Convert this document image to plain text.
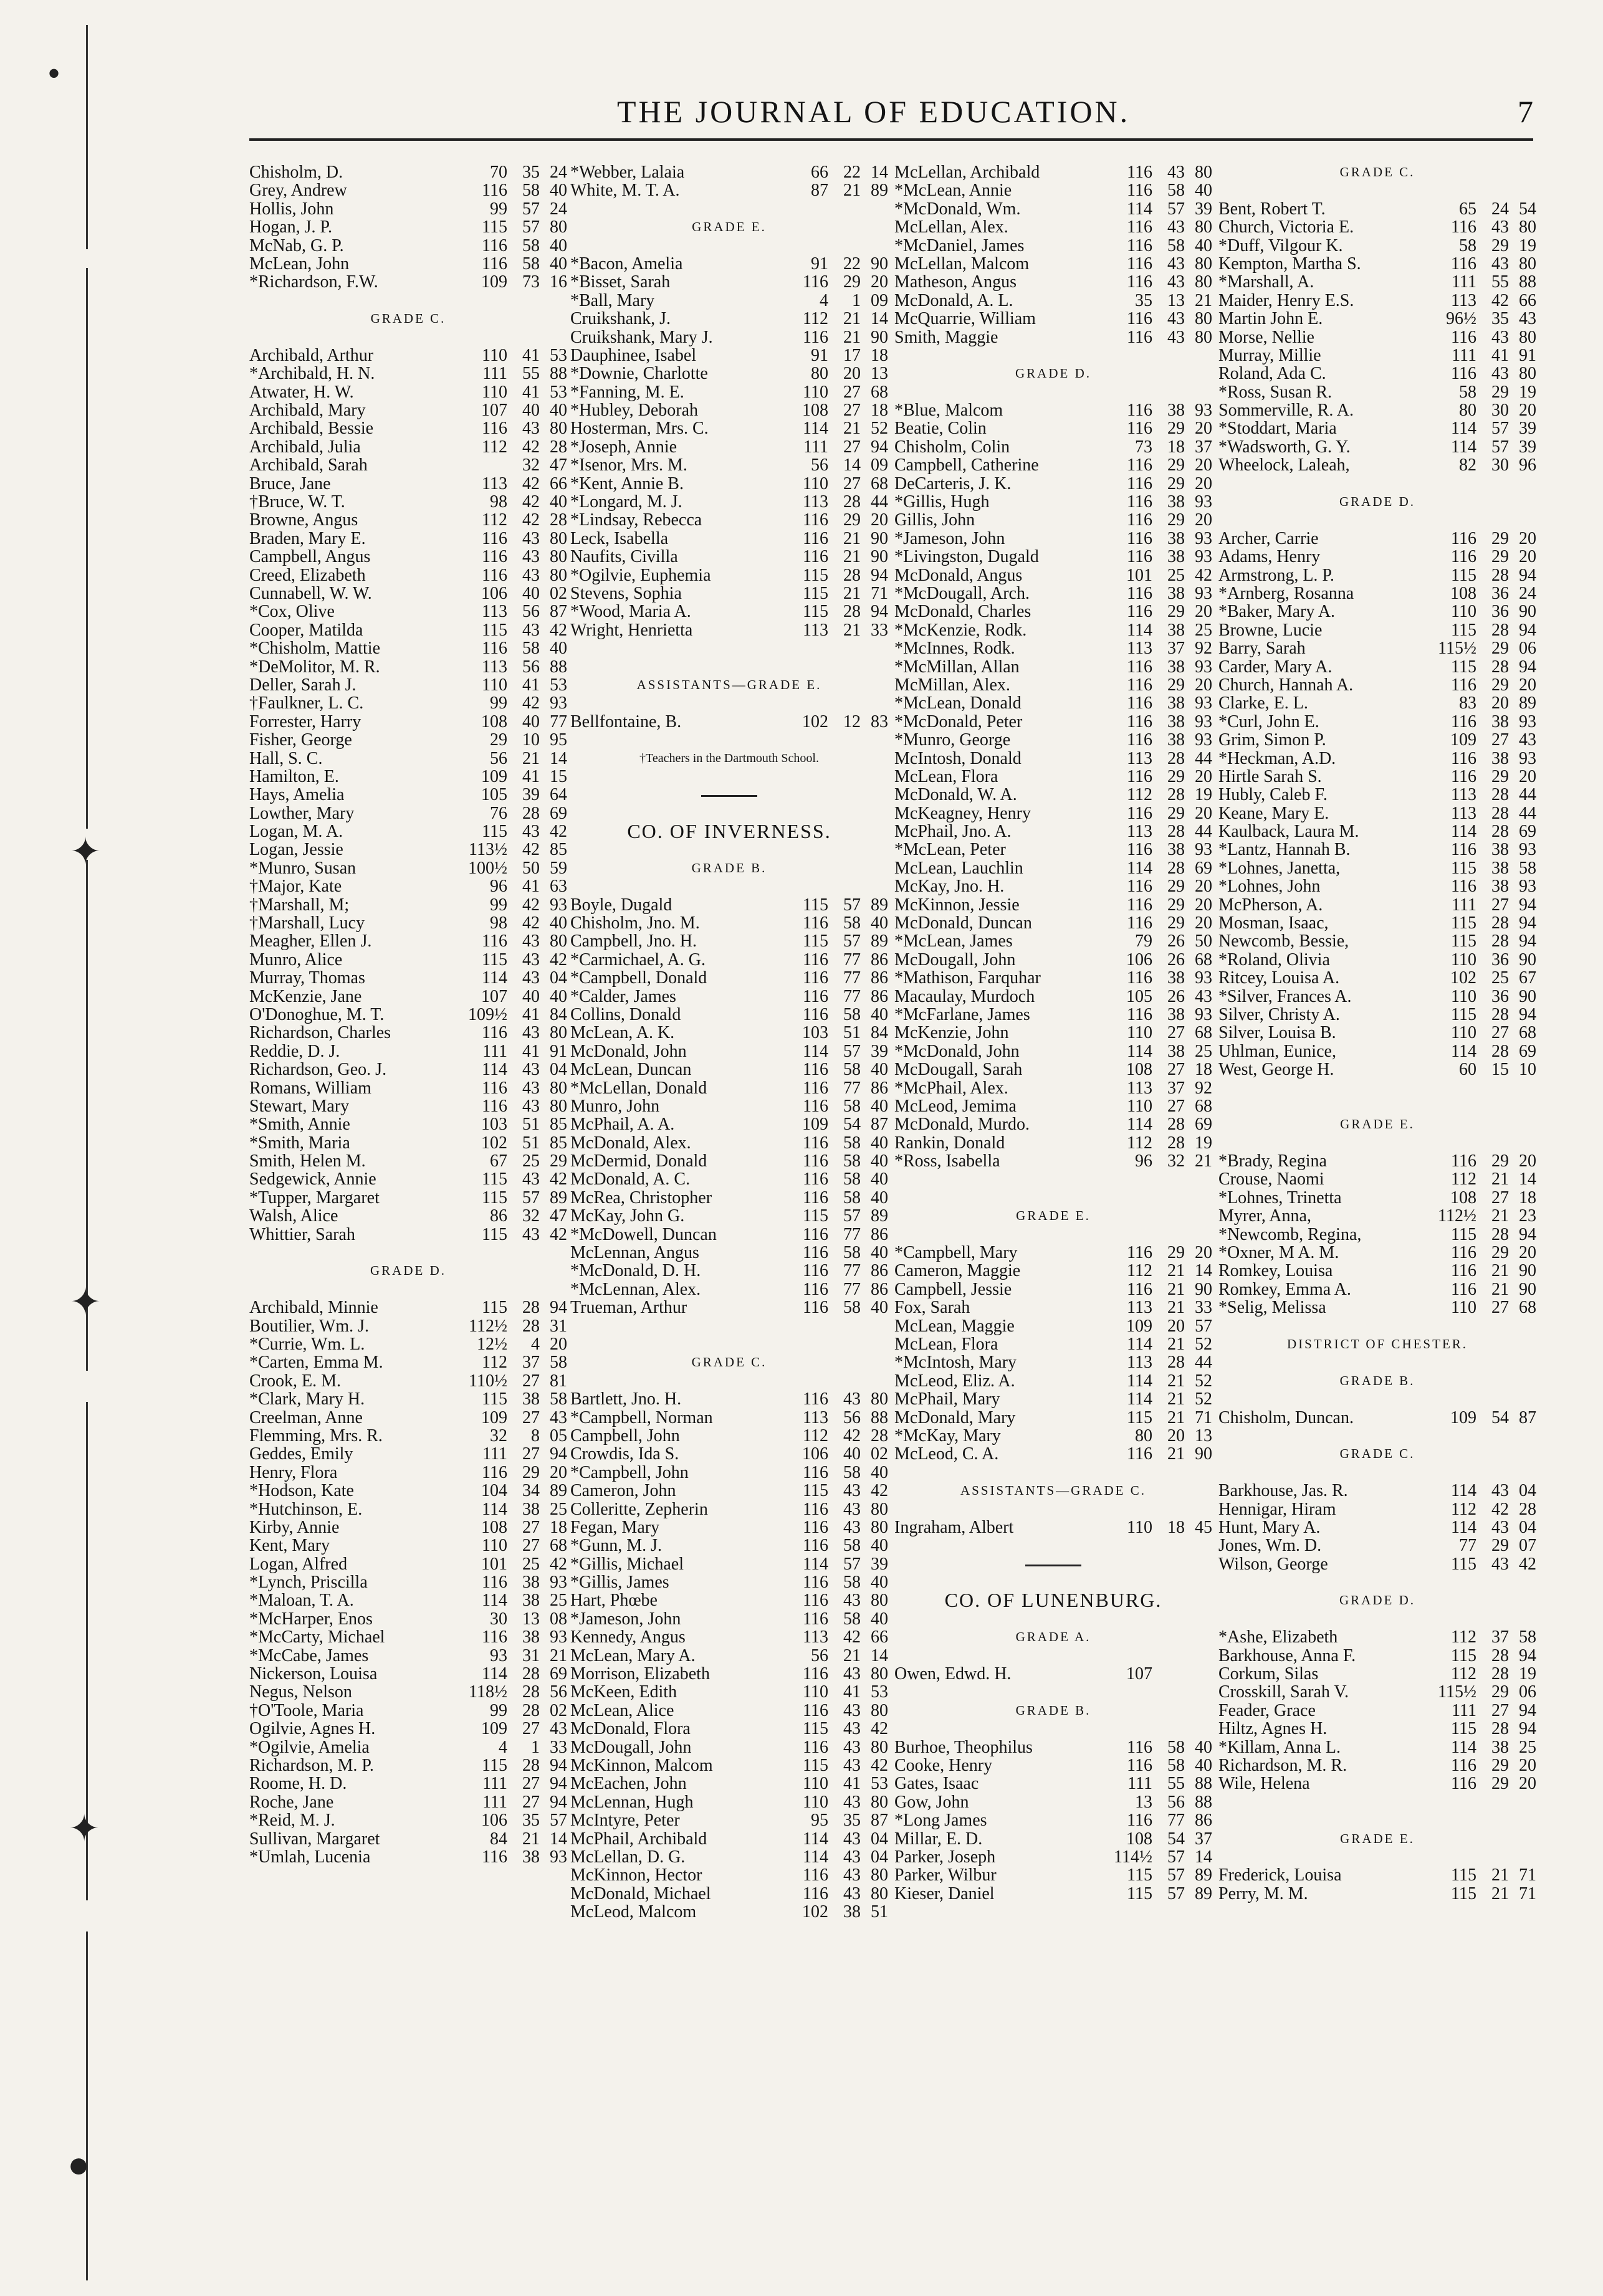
•
✦
✦
✦
●
THE JOURNAL OF EDUCATION.	7
Chisholm, D.	70 35 24
Grey, Andrew	116 58 40
Hollis, John	99 57 24
Hogan, J. P.	115 57 80
McNab, G. P.	116 58 40
McLean, John	116 58 40
*Richardson, F.W.	109 73 16
GRADE C.
Archibald, Arthur	110 41 53
*Archibald, H. N.	111 55 88
Atwater, H. W.	110 41 53
Archibald, Mary	107 40 40
Archibald, Bessie	116 43 80
Archibald, Julia	112 42 28
Archibald, Sarah	32 47
Bruce, Jane	113 42 66
†Bruce, W. T.	98 42 40
Browne, Angus	112 42 28
Braden, Mary E.	116 43 80
Campbell, Angus	116 43 80
Creed, Elizabeth	116 43 80
Cunnabell, W. W.	106 40 02
*Cox, Olive	113 56 87
Cooper, Matilda	115 43 42
*Chisholm, Mattie	116 58 40
*DeMolitor, M. R.	113 56 88
Deller, Sarah J.	110 41 53
†Faulkner, L. C.	99 42 93
Forrester, Harry	108 40 77
Fisher, George	29 10 95
Hall, S. C.	56 21 14
Hamilton, E.	109 41 15
Hays, Amelia	105 39 64
Lowther, Mary	76 28 69
Logan, M. A.	115 43 42
Logan, Jessie	113½ 42 85
*Munro, Susan	100½ 50 59
†Major, Kate	96 41 63
†Marshall, M;	99 42 93
†Marshall, Lucy	98 42 40
Meagher, Ellen J.	116 43 80
Munro, Alice	115 43 42
Murray, Thomas	114 43 04
McKenzie, Jane	107 40 40
O'Donoghue, M. T.	109½ 41 84
Richardson, Charles	116 43 80
Reddie, D. J.	111 41 91
Richardson, Geo. J.	114 43 04
Romans, William	116 43 80
Stewart, Mary	116 43 80
*Smith, Annie	103 51 85
*Smith, Maria	102 51 85
Smith, Helen M.	67 25 29
Sedgewick, Annie	115 43 42
*Tupper, Margaret	115 57 89
Walsh, Alice	86 32 47
Whittier, Sarah	115 43 42
GRADE D.
Archibald, Minnie	115 28 94
Boutilier, Wm. J.	112½ 28 31
*Currie, Wm. L.	12½	4 20
*Carten, Emma M.	112 37 58
Crook, E. M.	110½ 27 81
*Clark, Mary H.	115 38 58
Creelman, Anne	109 27 43
Flemming, Mrs. R.	32	8 05
Geddes, Emily	111 27 94
Henry, Flora	116 29 20
*Hodson, Kate	104 34 89
*Hutchinson, E.	114 38 25
Kirby, Annie	108 27 18
Kent, Mary	110 27 68
Logan, Alfred	101 25 42
*Lynch, Priscilla	116 38 93
*Maloan, T. A.	114 38 25
*McHarper, Enos	30 13 08
*McCarty, Michael	116 38 93
*McCabe, James	93 31 21
Nickerson, Louisa	114 28 69
Negus, Nelson	118½ 28 56
†O'Toole, Maria	99 28 02
Ogilvie, Agnes H.	109 27 43
*Ogilvie, Amelia	4	1 33
Richardson, M. P.	115 28 94
Roome, H. D.	111 27 94
Roche, Jane	111 27 94
*Reid, M. J.	106 35 57
Sullivan, Margaret	84 21 14
*Umlah, Lucenia	116 38 93
*Webber, Lalaia	66 22 14
White, M. T. A.	87 21 89
GRADE E.
*Bacon, Amelia	91 22 90
*Bisset, Sarah	116 29 20
*Ball, Mary	4	1 09
Cruikshank, J.	112 21 14
Cruikshank, Mary J.	116 21 90
Dauphinee, Isabel	91 17 18
*Downie, Charlotte	80 20 13
*Fanning, M. E.	110 27 68
*Hubley, Deborah	108 27 18
Hosterman, Mrs. C.	114 21 52
*Joseph, Annie	111 27 94
*Isenor, Mrs. M.	56 14 09
*Kent, Annie B.	110 27 68
*Longard, M. J.	113 28 44
*Lindsay, Rebecca	116 29 20
Leck, Isabella	116 21 90
Naufits, Civilla	116 21 90
*Ogilvie, Euphemia	115 28 94
Stevens, Sophia	115 21 71
*Wood, Maria A.	115 28 94
Wright, Henrietta	113 21 33
ASSISTANTS—GRADE E.
Bellfontaine, B.	102 12 83
†Teachers in the Dartmouth School.
CO. OF INVERNESS.
GRADE B.
Boyle, Dugald	115 57 89
Chisholm, Jno. M.	116 58 40
Campbell, Jno. H.	115 57 89
*Carmichael, A. G.	116 77 86
*Campbell, Donald	116 77 86
*Calder, James	116 77 86
Collins, Donald	116 58 40
McLean, A. K.	103 51 84
McDonald, John	114 57 39
McLean, Duncan	116 58 40
*McLellan, Donald	116 77 86
Munro, John	116 58 40
McPhail, A. A.	109 54 87
McDonald, Alex.	116 58 40
McDermid, Donald	116 58 40
McDonald, A. C.	116 58 40
McRea, Christopher	116 58 40
McKay, John G.	115 57 89
*McDowell, Duncan	116 77 86
McLennan, Angus	116 58 40
*McDonald, D. H.	116 77 86
*McLennan, Alex.	116 77 86
Trueman, Arthur	116 58 40
GRADE C.
Bartlett, Jno. H.	116 43 80
*Campbell, Norman	113 56 88
Campbell, John	112 42 28
Crowdis, Ida S.	106 40 02
*Campbell, John	116 58 40
Cameron, John	115 43 42
Colleritte, Zepherin	116 43 80
Fegan, Mary	116 43 80
*Gunn, M. J.	116 58 40
*Gillis, Michael	114 57 39
*Gillis, James	116 58 40
Hart, Phœbe	116 43 80
*Jameson, John	116 58 40
Kennedy, Angus	113 42 66
McLean, Mary A.	56 21 14
Morrison, Elizabeth	116 43 80
McKeen, Edith	110 41 53
McLean, Alice	116 43 80
McDonald, Flora	115 43 42
McDougall, John	116 43 80
McKinnon, Malcom	115 43 42
McEachen, John	110 41 53
McLennan, Hugh	110 43 80
McIntyre, Peter	95 35 87
McPhail, Archibald	114 43 04
McLellan, D. G.	114 43 04
McKinnon, Hector	116 43 80
McDonald, Michael	116 43 80
McLeod, Malcom	102 38 51
McLellan, Archibald	116 43 80
*McLean, Annie	116 58 40
*McDonald, Wm.	114 57 39
McLellan, Alex.	116 43 80
*McDaniel, James	116 58 40
McLellan, Malcom	116 43 80
Matheson, Angus	116 43 80
McDonald, A. L.	35 13 21
McQuarrie, William	116 43 80
Smith, Maggie	116 43 80
GRADE D.
*Blue, Malcom	116 38 93
Beatie, Colin	116 29 20
Chisholm, Colin	73 18 37
Campbell, Catherine	116 29 20
DeCarteris, J. K.	116 29 20
*Gillis, Hugh	116 38 93
Gillis, John	116 29 20
*Jameson, John	116 38 93
*Livingston, Dugald	116 38 93
McDonald, Angus	101 25 42
*McDougall, Arch.	116 38 93
McDonald, Charles	116 29 20
*McKenzie, Rodk.	114 38 25
*McInnes, Rodk.	113 37 92
*McMillan, Allan	116 38 93
McMillan, Alex.	116 29 20
*McLean, Donald	116 38 93
*McDonald, Peter	116 38 93
*Munro, George	116 38 93
McIntosh, Donald	113 28 44
McLean, Flora	116 29 20
McDonald, W. A.	112 28 19
McKeagney, Henry	116 29 20
McPhail, Jno. A.	113 28 44
*McLean, Peter	116 38 93
McLean, Lauchlin	114 28 69
McKay, Jno. H.	116 29 20
McKinnon, Jessie	116 29 20
McDonald, Duncan	116 29 20
*McLean, James	79 26 50
McDougall, John	106 26 68
*Mathison, Farquhar	116 38 93
Macaulay, Murdoch	105 26 43
*McFarlane, James	116 38 93
McKenzie, John	110 27 68
*McDonald, John	114 38 25
McDougall, Sarah	108 27 18
*McPhail, Alex.	113 37 92
McLeod, Jemima	110 27 68
McDonald, Murdo.	114 28 69
Rankin, Donald	112 28 19
*Ross, Isabella	96 32 21
GRADE E.
*Campbell, Mary	116 29 20
Cameron, Maggie	112 21 14
Campbell, Jessie	116 21 90
Fox, Sarah	113 21 33
McLean, Maggie	109 20 57
McLean, Flora	114 21 52
*McIntosh, Mary	113 28 44
McLeod, Eliz. A.	114 21 52
McPhail, Mary	114 21 52
McDonald, Mary	115 21 71
*McKay, Mary	80 20 13
McLeod, C. A.	116 21 90
ASSISTANTS—GRADE C.
Ingraham, Albert	110 18 45
CO. OF LUNENBURG.
GRADE A.
Owen, Edwd. H.	107
GRADE B.
Burhoe, Theophilus	116 58 40
Cooke, Henry	116 58 40
Gates, Isaac	111 55 88
Gow, John	13 56 88
*Long James	116 77 86
Millar, E. D.	108 54 37
Parker, Joseph	114½ 57 14
Parker, Wilbur	115 57 89
Kieser, Daniel	115 57 89
GRADE C.
Bent, Robert T.	65 24 54
Church, Victoria E.	116 43 80
*Duff, Vilgour K.	58 29 19
Kempton, Martha S.	116 43 80
*Marshall, A.	111 55 88
Maider, Henry E.S.	113 42 66
Martin John E.	96½ 35 43
Morse, Nellie	116 43 80
Murray, Millie	111 41 91
Roland, Ada C.	116 43 80
*Ross, Susan R.	58 29 19
Sommerville, R. A.	80 30 20
*Stoddart, Maria	114 57 39
*Wadsworth, G. Y.	114 57 39
Wheelock, Laleah,	82 30 96
GRADE D.
Archer, Carrie	116 29 20
Adams, Henry	116 29 20
Armstrong, L. P.	115 28 94
*Arnberg, Rosanna	108 36 24
*Baker, Mary A.	110 36 90
Browne, Lucie	115 28 94
Barry, Sarah	115½ 29 06
Carder, Mary A.	115 28 94
Church, Hannah A.	116 29 20
Clarke, E. L.	83 20 89
*Curl, John E.	116 38 93
Grim, Simon P.	109 27 43
*Heckman, A.D.	116 38 93
Hirtle Sarah S.	116 29 20
Hubly, Caleb F.	113 28 44
Keane, Mary E.	113 28 44
Kaulback, Laura M.	114 28 69
*Lantz, Hannah B.	116 38 93
*Lohnes, Janetta,	115 38 58
*Lohnes, John	116 38 93
McPherson, A.	111 27 94
Mosman, Isaac,	115 28 94
Newcomb, Bessie,	115 28 94
*Roland, Olivia	110 36 90
Ritcey, Louisa A.	102 25 67
*Silver, Frances A.	110 36 90
Silver, Christy A.	115 28 94
Silver, Louisa B.	110 27 68
Uhlman, Eunice,	114 28 69
West, George H.	60 15 10
GRADE E.
*Brady, Regina	116 29 20
Crouse, Naomi	112 21 14
*Lohnes, Trinetta	108 27 18
Myrer, Anna,	112½ 21 23
*Newcomb, Regina,	115 28 94
*Oxner, M A. M.	116 29 20
Romkey, Louisa	116 21 90
Romkey, Emma A.	116 21 90
*Selig, Melissa	110 27 68
DISTRICT OF CHESTER.
GRADE B.
Chisholm, Duncan.	109 54 87
GRADE C.
Barkhouse, Jas. R.	114 43 04
Hennigar, Hiram	112 42 28
Hunt, Mary A.	114 43 04
Jones, Wm. D.	77 29 07
Wilson, George	115 43 42
GRADE D.
*Ashe, Elizabeth	112 37 58
Barkhouse, Anna F.	115 28 94
Corkum, Silas	112 28 19
Crosskill, Sarah V.	115½ 29 06
Feader, Grace	111 27 94
Hiltz, Agnes H.	115 28 94
*Killam, Anna L.	114 38 25
Richardson, M. R.	116 29 20
Wile, Helena	116 29 20
GRADE E.
Frederick, Louisa	115 21 71
Perry, M. M.	115 21 71
